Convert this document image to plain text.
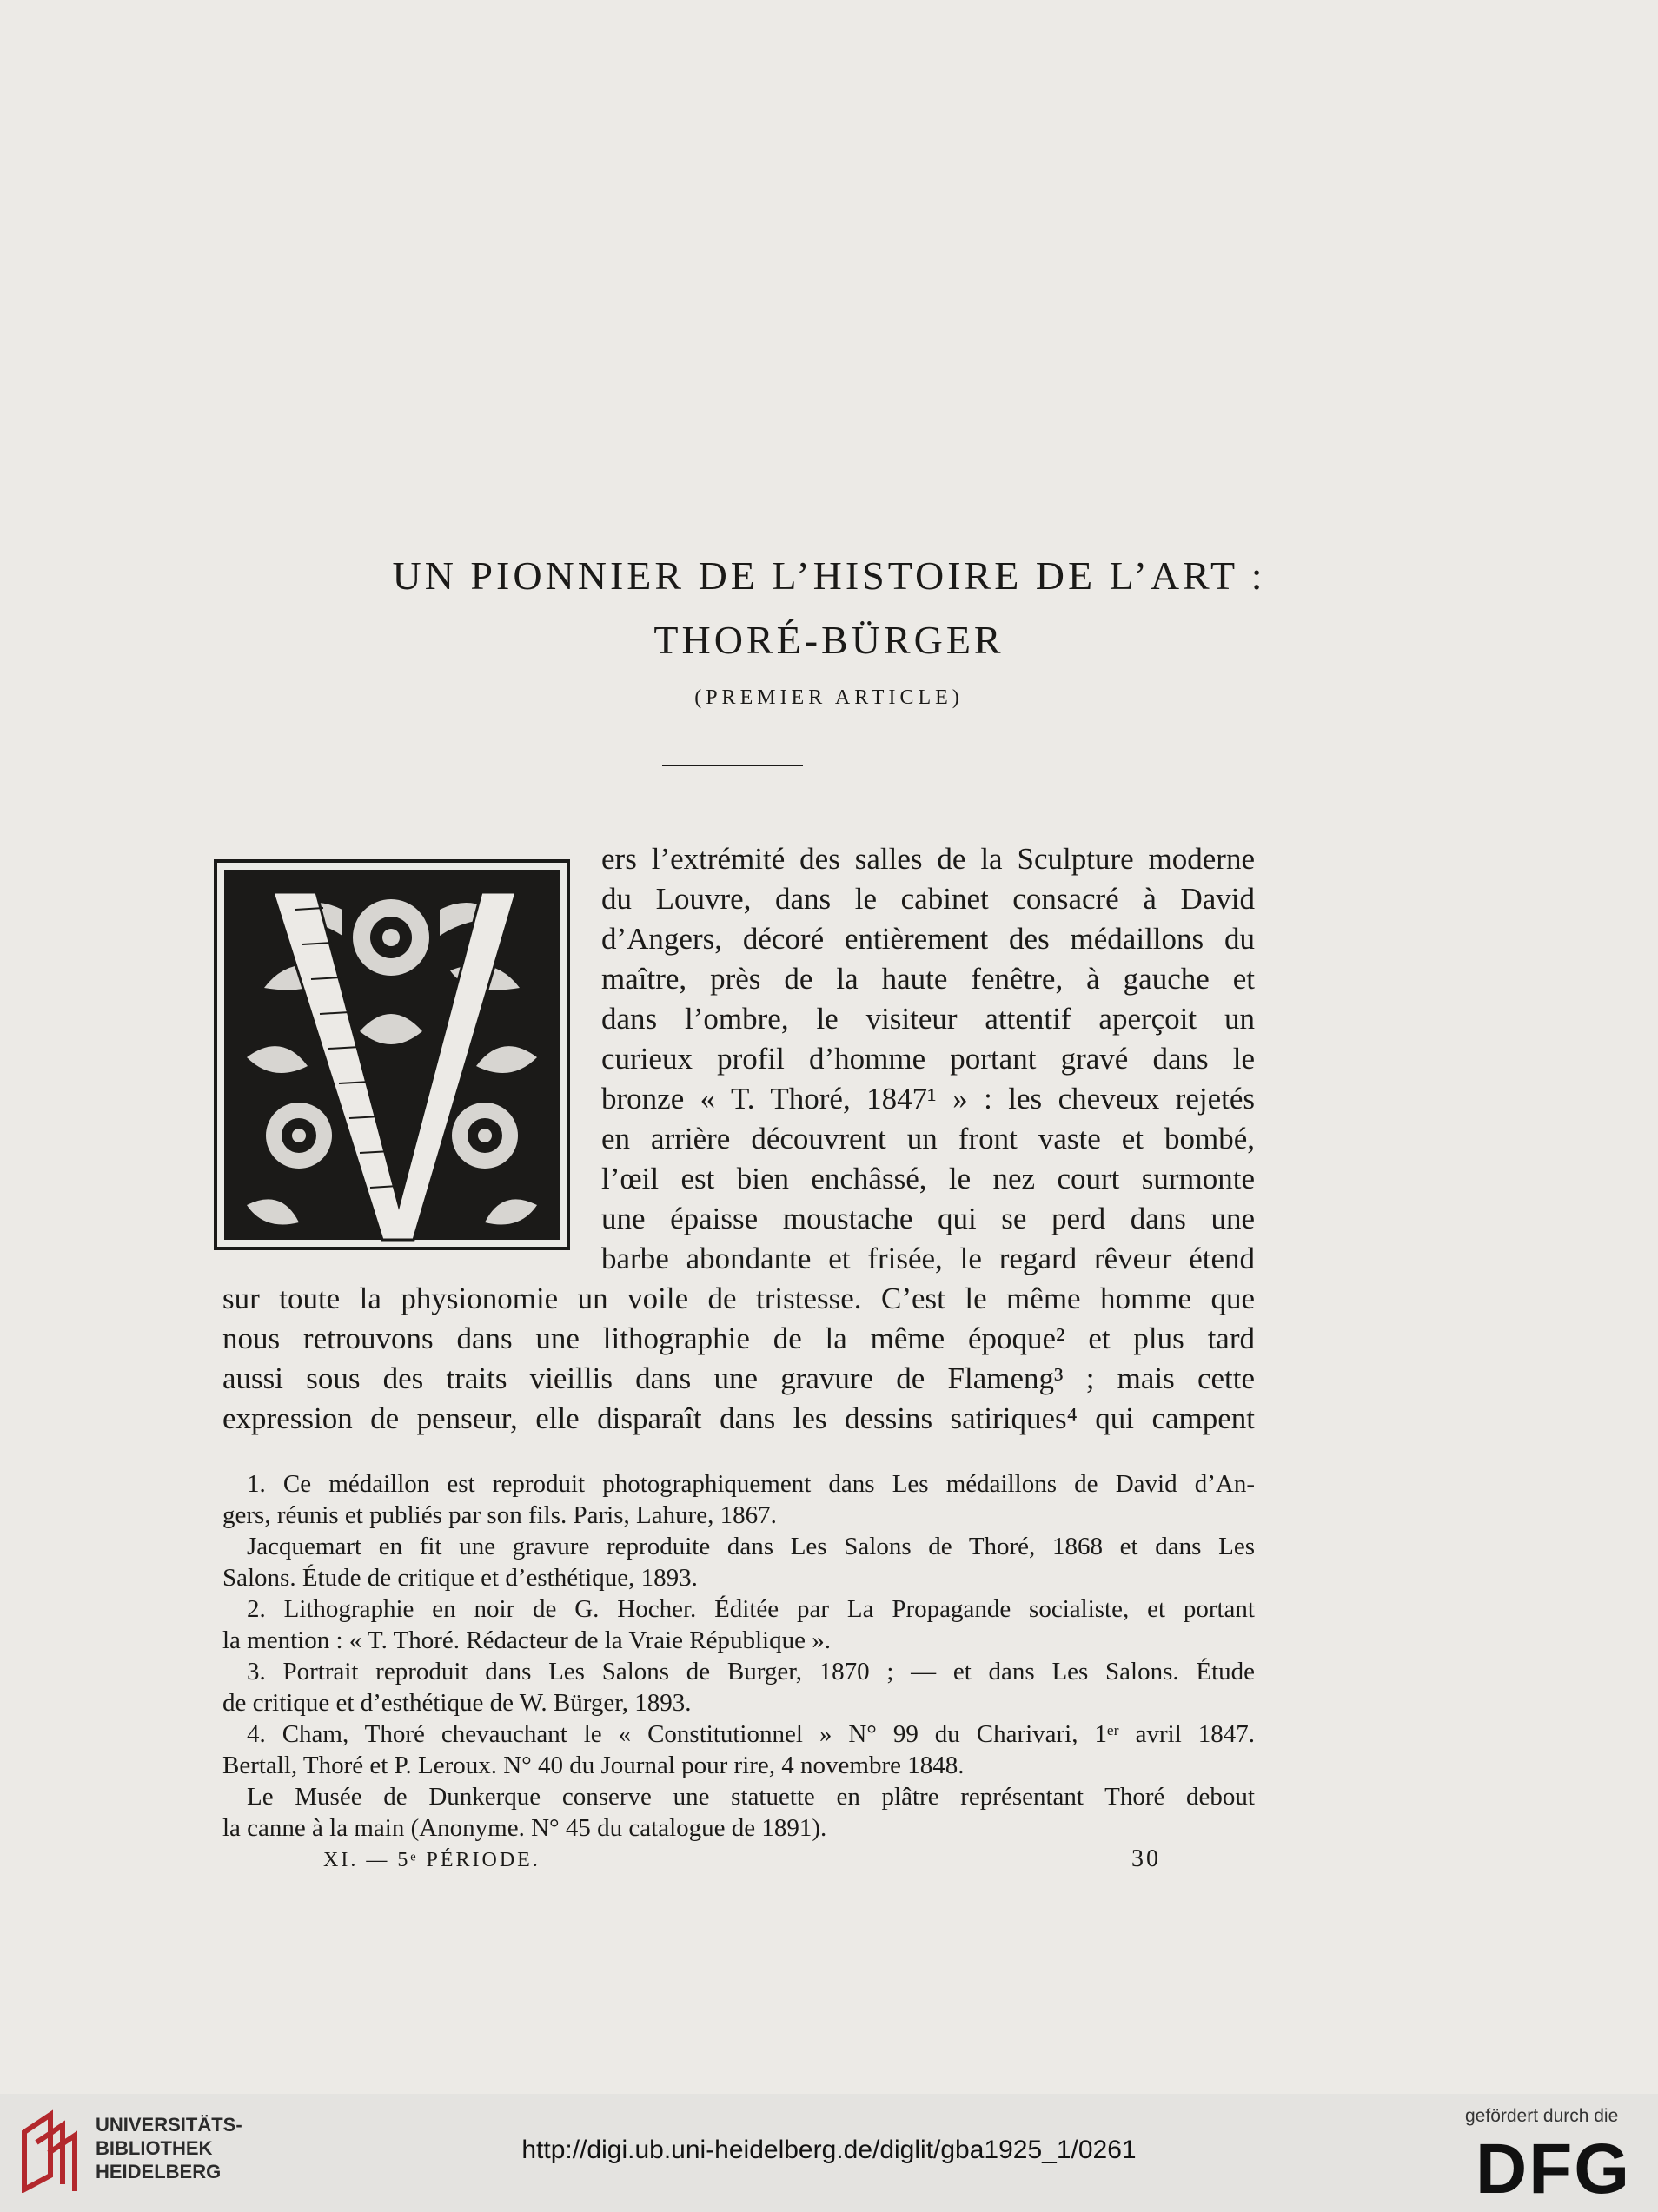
UN PIONNIER DE L’HISTOIRE DE L’ART :
THORÉ-BÜRGER
(PREMIER ARTICLE)
ers l’extrémité des salles de la Sculpture moderne
du Louvre, dans le cabinet consacré à David
d’Angers, décoré entièrement des médaillons du
maître, près de la haute fenêtre, à gauche et
dans l’ombre, le visiteur attentif aperçoit un
curieux profil d’homme portant gravé dans le
bronze « T. Thoré, 1847¹ » : les cheveux rejetés
en arrière découvrent un front vaste et bombé,
l’œil est bien enchâssé, le nez court surmonte
une épaisse moustache qui se perd dans une
barbe abondante et frisée, le regard rêveur étend
sur toute la physionomie un voile de tristesse. C’est le même homme que
nous retrouvons dans une lithographie de la même époque² et plus tard
aussi sous des traits vieillis dans une gravure de Flameng³ ; mais cette
expression de penseur, elle disparaît dans les dessins satiriques⁴ qui campent
1. Ce médaillon est reproduit photographiquement dans Les médaillons de David d’An-
gers, réunis et publiés par son fils. Paris, Lahure, 1867.
Jacquemart en fit une gravure reproduite dans Les Salons de Thoré, 1868 et dans Les
Salons. Étude de critique et d’esthétique, 1893.
2. Lithographie en noir de G. Hocher. Éditée par La Propagande socialiste, et portant
la mention : « T. Thoré. Rédacteur de la Vraie République ».
3. Portrait reproduit dans Les Salons de Burger, 1870 ; — et dans Les Salons. Étude
de critique et d’esthétique de W. Bürger, 1893.
4. Cham, Thoré chevauchant le « Constitutionnel » N° 99 du Charivari, 1ᵉʳ avril 1847.
Bertall, Thoré et P. Leroux. N° 40 du Journal pour rire, 4 novembre 1848.
Le Musée de Dunkerque conserve une statuette en plâtre représentant Thoré debout
la canne à la main (Anonyme. N° 45 du catalogue de 1891).
XI. — 5ᵉ PÉRIODE.	30
UNIVERSITÄTS-
BIBLIOTHEK
HEIDELBERG
http://digi.ub.uni-heidelberg.de/diglit/gba1925_1/0261
gefördert durch die
DFG
